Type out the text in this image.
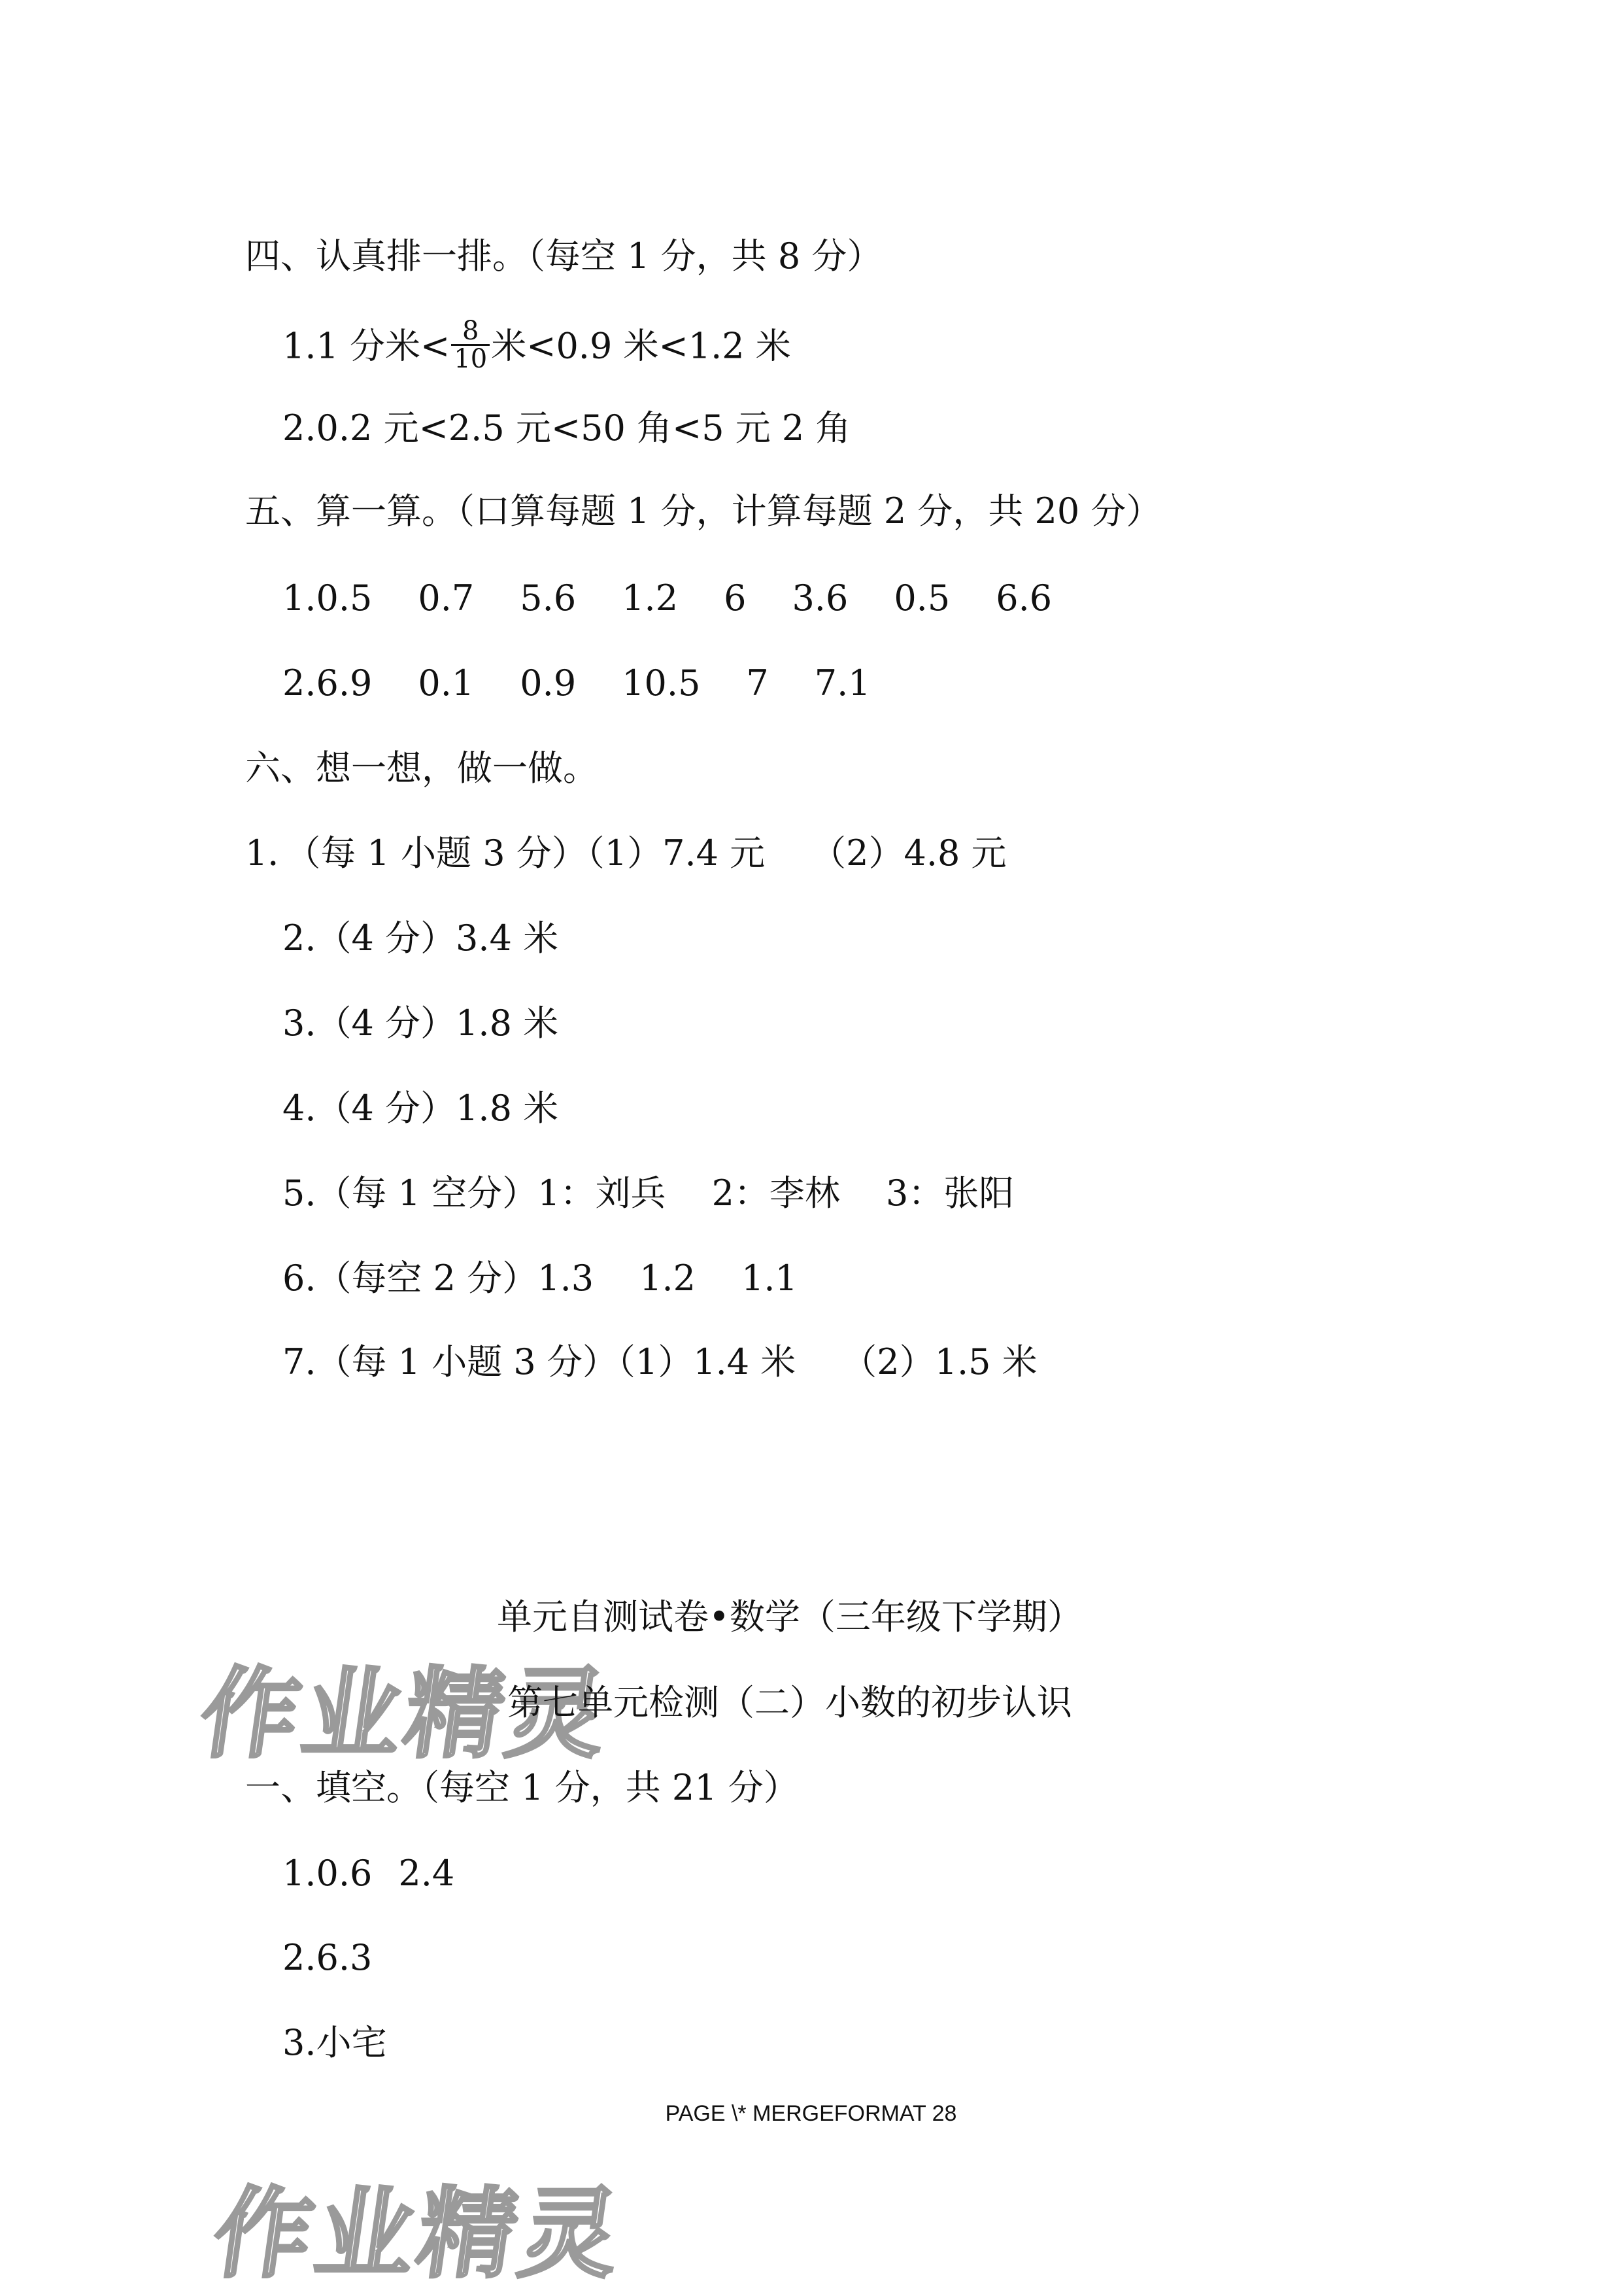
四、认真排一排。（每空 1 分，共 8 分）
1.1 分米< $\frac{8}{10}$ 米<0.9 米<1.2 米
2.0.2 元<2.5 元<50 角<5 元 2 角
五、算一算。（口算每题 1 分，计算每题 2 分，共 20 分）
1.0.5 0.7 5.6 1.2 6 3.6 0.5 6.6
2.6.9 0.1 0.9 10.5 7 7.1
六、想一想，做一做。
1．（每 1 小题 3 分）（1）7.4 元 （2）4.8 元
2.（4 分）3.4 米
3.（4 分）1.8 米
4.（4 分）1.8 米
5.（每 1 空分）1：刘兵 2：李林 3：张阳
6.（每空 2 分）1.3 1.2 1.1
7.（每 1 小题 3 分）（1）1.4 米 （2）1.5 米
作业精灵
单元自测试卷•数学（三年级下学期）
第七单元检测（二）小数的初步认识
一、填空。（每空 1 分，共 21 分）
1.0.6 2.4
2.6.3
3.小宅
PAGE \* MERGEFORMAT 28
作业精灵
